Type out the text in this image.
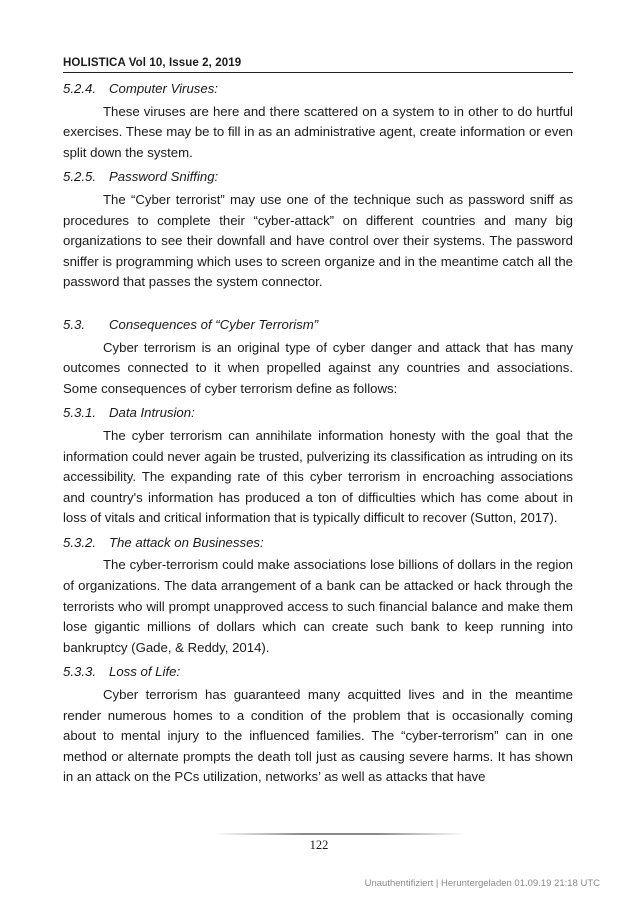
HOLISTICA Vol 10, Issue 2, 2019

5.2.4. Computer Viruses:

These viruses are here and there scattered on a system to in other to do hurtful exercises. These may be to fill in as an administrative agent, create information or even split down the system.

5.2.5. Password Sniffing:

The “Cyber terrorist” may use one of the technique such as password sniff as procedures to complete their “cyber-attack” on different countries and many big organizations to see their downfall and have control over their systems. The password sniffer is programming which uses to screen organize and in the meantime catch all the password that passes the system connector.

5.3. Consequences of “Cyber Terrorism”

Cyber terrorism is an original type of cyber danger and attack that has many outcomes connected to it when propelled against any countries and associations. Some consequences of cyber terrorism define as follows:

5.3.1. Data Intrusion:

The cyber terrorism can annihilate information honesty with the goal that the information could never again be trusted, pulverizing its classification as intruding on its accessibility. The expanding rate of this cyber terrorism in encroaching associations and country's information has produced a ton of difficulties which has come about in loss of vitals and critical information that is typically difficult to recover (Sutton, 2017).

5.3.2. The attack on Businesses:

The cyber-terrorism could make associations lose billions of dollars in the region of organizations. The data arrangement of a bank can be attacked or hack through the terrorists who will prompt unapproved access to such financial balance and make them lose gigantic millions of dollars which can create such bank to keep running into bankruptcy (Gade, & Reddy, 2014).

5.3.3. Loss of Life:

Cyber terrorism has guaranteed many acquitted lives and in the meantime render numerous homes to a condition of the problem that is occasionally coming about to mental injury to the influenced families. The “cyber-terrorism” can in one method or alternate prompts the death toll just as causing severe harms. It has shown in an attack on the PCs utilization, networks’ as well as attacks that have

122
Unauthentifiziert | Heruntergeladen 01.09.19 21:18 UTC
